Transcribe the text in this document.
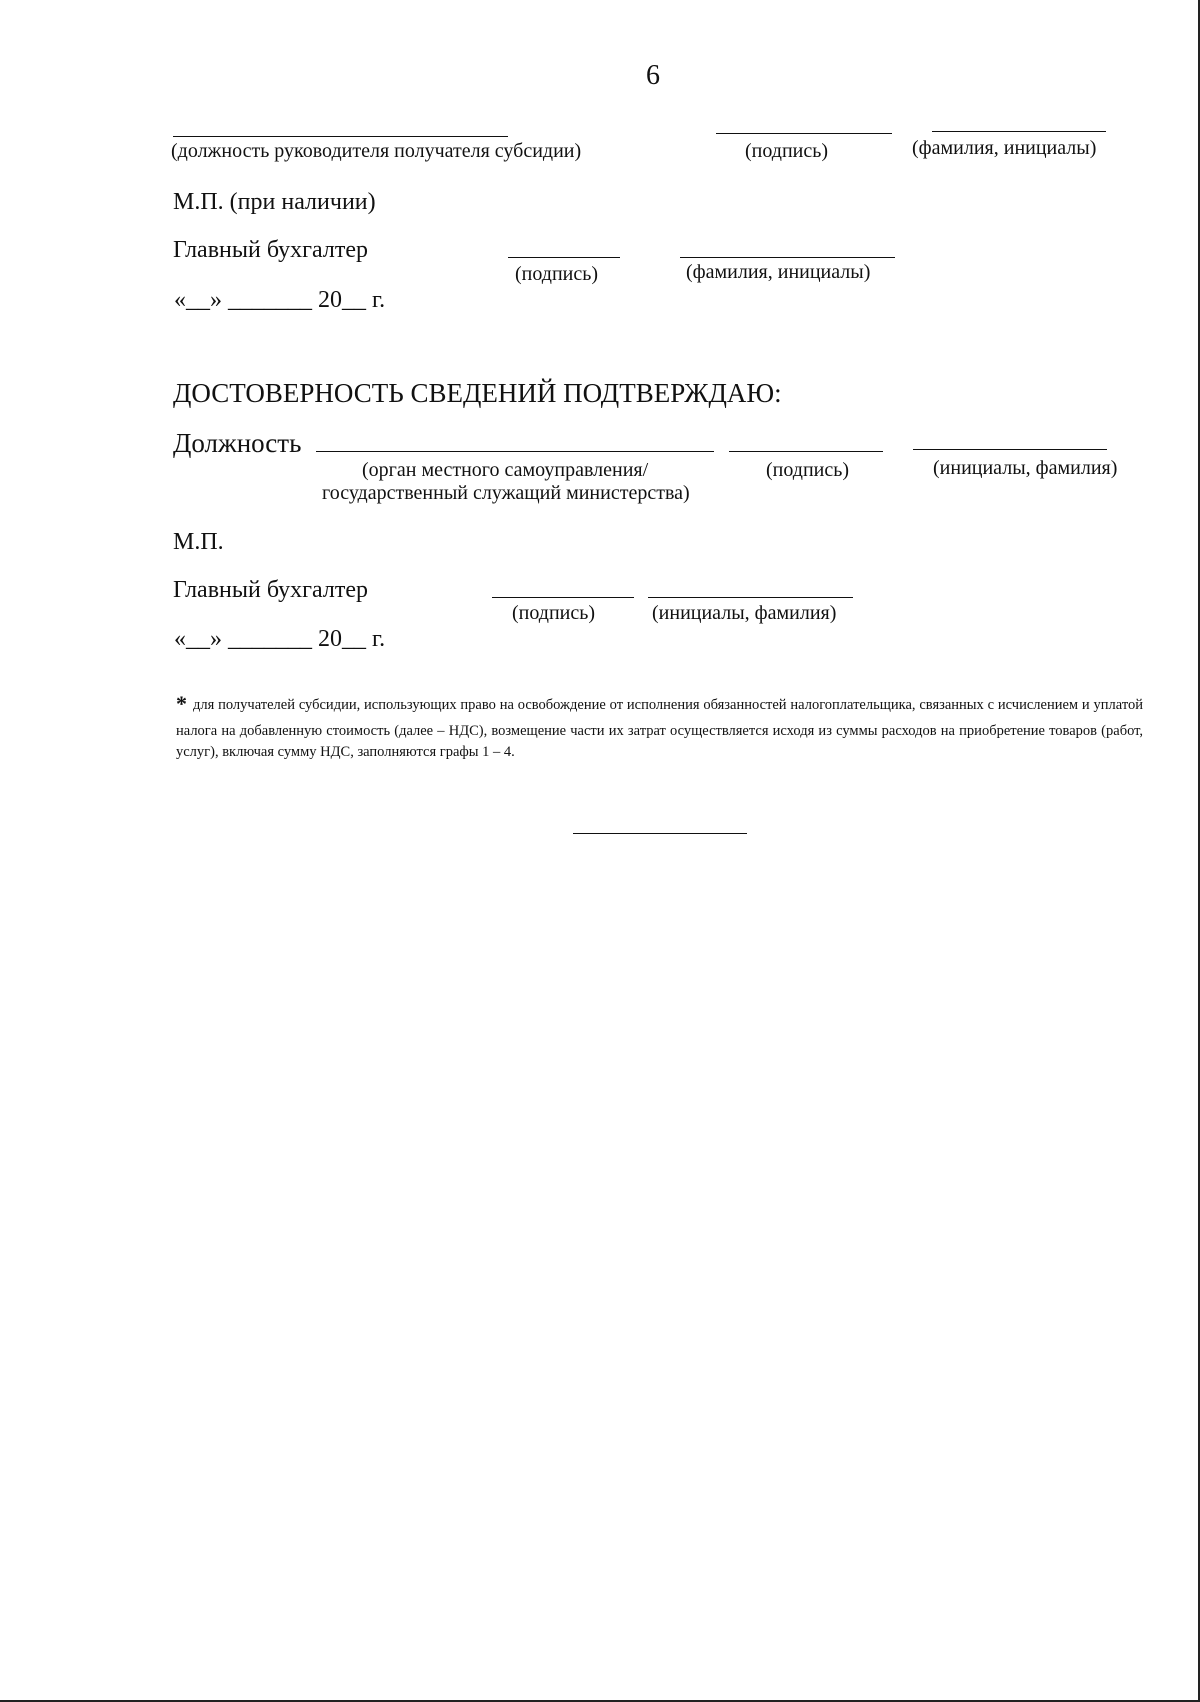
6
(должность руководителя получателя субсидии)	(подпись)	(фамилия, инициалы)
М.П. (при наличии)
Главный бухгалтер
(подпись)	(фамилия, инициалы)
«__» _______ 20__ г.
ДОСТОВЕРНОСТЬ СВЕДЕНИЙ ПОДТВЕРЖДАЮ:
Должность
(орган местного самоуправления/
государственный служащий министерства)
(подпись)	(инициалы, фамилия)
М.П.
Главный бухгалтер
(подпись)	(инициалы, фамилия)
«__» _______ 20__ г.
* для получателей субсидии, использующих право на освобождение от исполнения обязанностей налогоплательщика, связанных с исчислением и уплатой налога на добавленную стоимость (далее – НДС), возмещение части их затрат осуществляется исходя из суммы расходов на приобретение товаров (работ, услуг), включая сумму НДС, заполняются графы 1 – 4.
